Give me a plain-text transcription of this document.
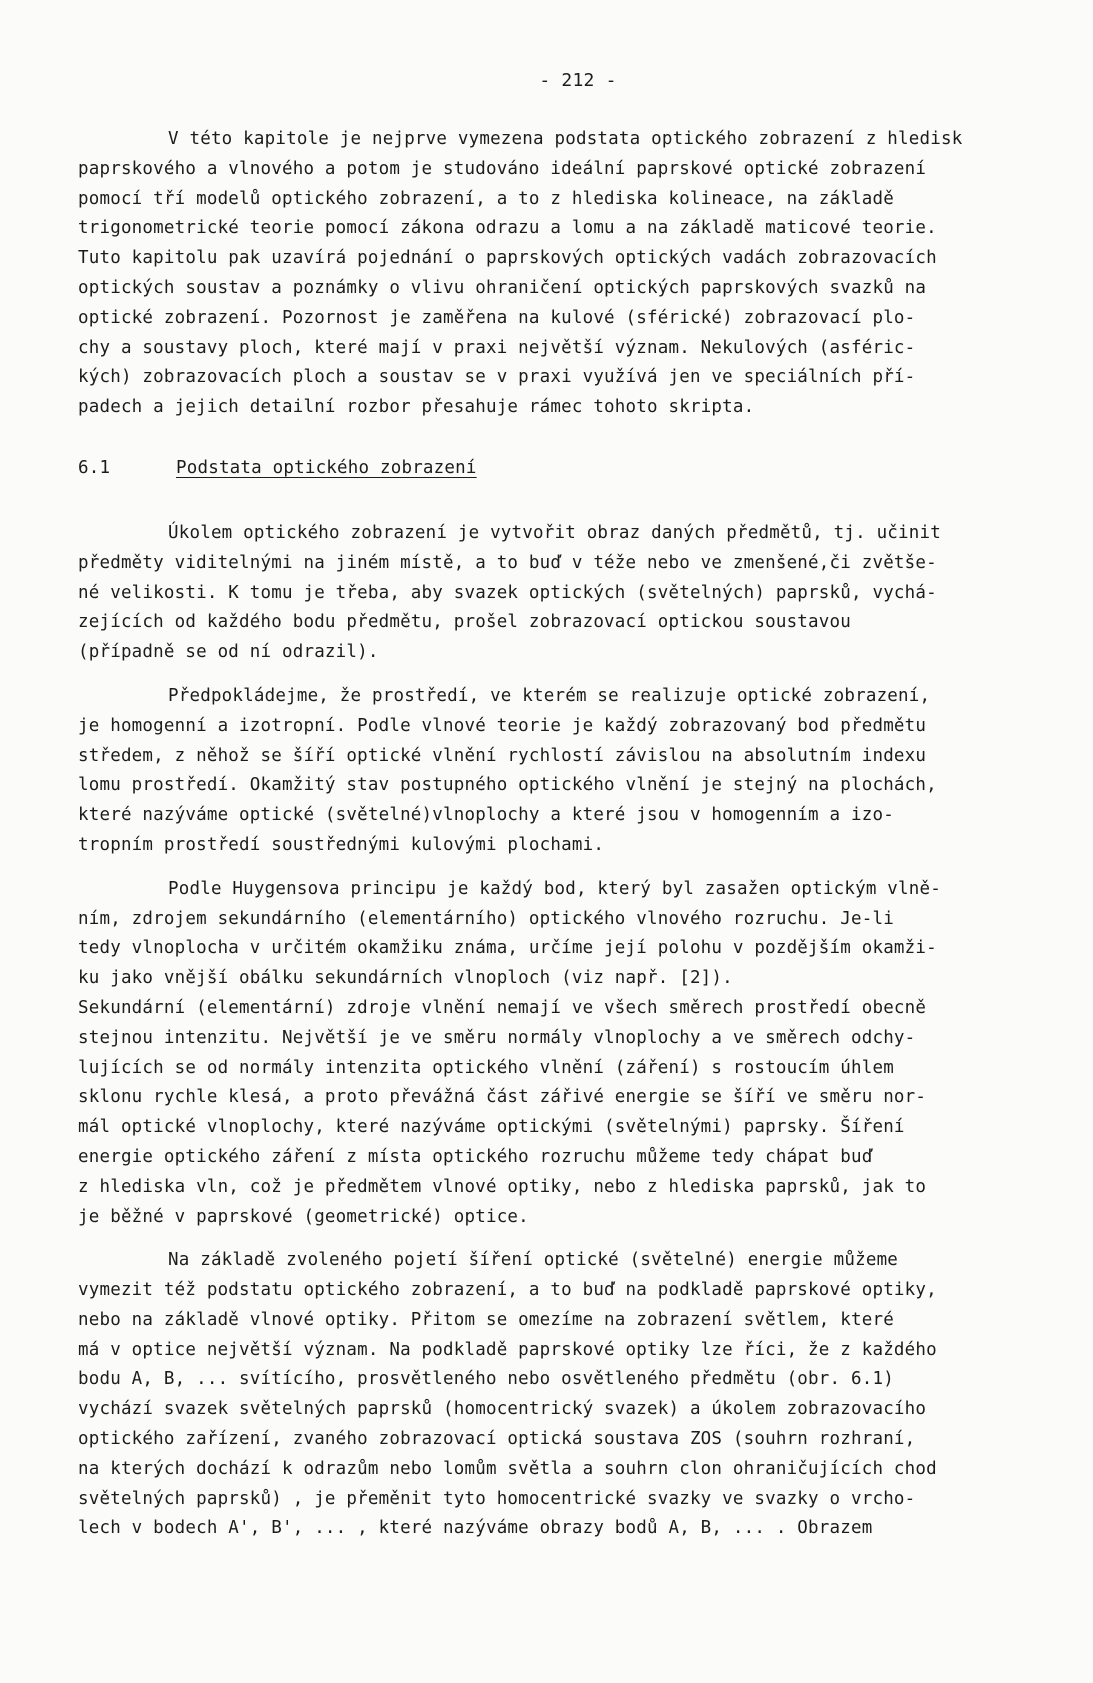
- 212 -

V této kapitole je nejprve vymezena podstata optického zobrazení z hledisk
paprskového a vlnového a potom je studováno ideální paprskové optické zobrazení
pomocí tří modelů optického zobrazení, a to z hlediska kolineace, na základě
trigonometrické teorie pomocí zákona odrazu a lomu a na základě maticové teorie.
Tuto kapitolu pak uzavírá pojednání o paprskových optických vadách zobrazovacích
optických soustav a poznámky o vlivu ohraničení optických paprskových svazků na
optické zobrazení. Pozornost je zaměřena na kulové (sférické) zobrazovací plo-
chy a soustavy ploch, které mají v praxi největší význam. Nekulových (asféric-
kých) zobrazovacích ploch a soustav se v praxi využívá jen ve speciálních pří-
padech a jejich detailní rozbor přesahuje rámec tohoto skripta.

6.1	Podstata optického zobrazení

Úkolem optického zobrazení je vytvořit obraz daných předmětů, tj. učinit
předměty viditelnými na jiném místě, a to buď v téže nebo ve zmenšené,či zvětše-
né velikosti. K tomu je třeba, aby svazek optických (světelných) paprsků, vychá-
zejících od každého bodu předmětu, prošel zobrazovací optickou soustavou
(případně se od ní odrazil).

Předpokládejme, že prostředí, ve kterém se realizuje optické zobrazení,
je homogenní a izotropní. Podle vlnové teorie je každý zobrazovaný bod předmětu
středem, z něhož se šíří optické vlnění rychlostí závislou na absolutním indexu
lomu prostředí. Okamžitý stav postupného optického vlnění je stejný na plochách,
které nazýváme optické (světelné)vlnoplochy a které jsou v homogenním a izo-
tropním prostředí soustřednými kulovými plochami.

Podle Huygensova principu je každý bod, který byl zasažen optickým vlně-
ním, zdrojem sekundárního (elementárního) optického vlnového rozruchu. Je-li
tedy vlnoplocha v určitém okamžiku známa, určíme její polohu v pozdějším okamži-
ku jako vnější obálku sekundárních vlnoploch (viz např. [2]).
Sekundární (elementární) zdroje vlnění nemají ve všech směrech prostředí obecně
stejnou intenzitu. Největší je ve směru normály vlnoplochy a ve směrech odchy-
lujících se od normály intenzita optického vlnění (záření) s rostoucím úhlem
sklonu rychle klesá, a proto převážná část zářivé energie se šíří ve směru nor-
mál optické vlnoplochy, které nazýváme optickými (světelnými) paprsky. Šíření
energie optického záření z místa optického rozruchu můžeme tedy chápat buď
z hlediska vln, což je předmětem vlnové optiky, nebo z hlediska paprsků, jak to
je běžné v paprskové (geometrické) optice.

Na základě zvoleného pojetí šíření optické (světelné) energie můžeme
vymezit též podstatu optického zobrazení, a to buď na podkladě paprskové optiky,
nebo na základě vlnové optiky. Přitom se omezíme na zobrazení světlem, které
má v optice největší význam. Na podkladě paprskové optiky lze říci, že z každého
bodu A, B, ... svítícího, prosvětleného nebo osvětleného předmětu (obr. 6.1)
vychází svazek světelných paprsků (homocentrický svazek) a úkolem zobrazovacího
optického zařízení, zvaného zobrazovací optická soustava ZOS (souhrn rozhraní,
na kterých dochází k odrazům nebo lomům světla a souhrn clon ohraničujících chod
světelných paprsků) , je přeměnit tyto homocentrické svazky ve svazky o vrcho-
lech v bodech A', B', ... , které nazýváme obrazy bodů A, B, ... . Obrazem
